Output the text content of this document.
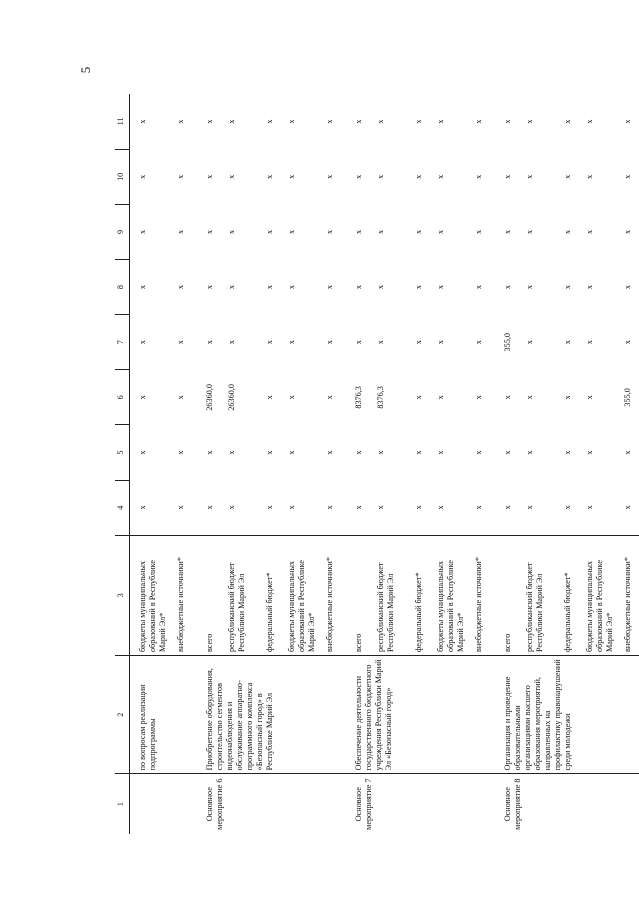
5
1	2	3	4	5	6	7	8	9	10	11
	по вопросам реализации подпрограммы	бюджеты муниципальных образований в Республике Марий Эл*	х	х	х	х	х	х	х	х
		внебюджетные источники*	х	х	х	х	х	х	х	х
Основное мероприятие 6	Приобретение оборудования, строительство сегментов видеонаблюдения и обслуживание аппаратно-программного комплекса «Безопасный город» в Республике Марий Эл	всего	х	х	26360,0	х	х	х	х	х
		республиканский бюджет Республики Марий Эл	х	х	26360,0	х	х	х	х	х
		федеральный бюджет*	х	х	х	х	х	х	х	х
		бюджеты муниципальных образований в Республике Марий Эл*	х	х	х	х	х	х	х	х
		внебюджетные источники*	х	х	х	х	х	х	х	х
Основное мероприятие 7	Обеспечение деятельности государственного бюджетного учреждения Республики Марий Эл «Безопасный город»	всего	х	х	8376,3	х	х	х	х	х
		республиканский бюджет Республики Марий Эл	х	х	8376,3	х	х	х	х	х
		федеральный бюджет*	х	х	х	х	х	х	х	х
		бюджеты муниципальных образований в Республике Марий Эл*	х	х	х	х	х	х	х	х
		внебюджетные источники*	х	х	х	х	х	х	х	х
Основное мероприятие 8	Организация и проведение образовательными организациями высшего образования мероприятий, направленных на профилактику правонарушений среди молодежи	всего	х	х	х	355,0	х	х	х	х
		республиканский бюджет Республики Марий Эл	х	х	х	х	х	х	х	х
		федеральный бюджет*	х	х	х	х	х	х	х	х
		бюджеты муниципальных образований в Республике Марий Эл*	х	х	х	х	х	х	х	х
		внебюджетные источники*	х	х	355,0	х	х	х	х	х
